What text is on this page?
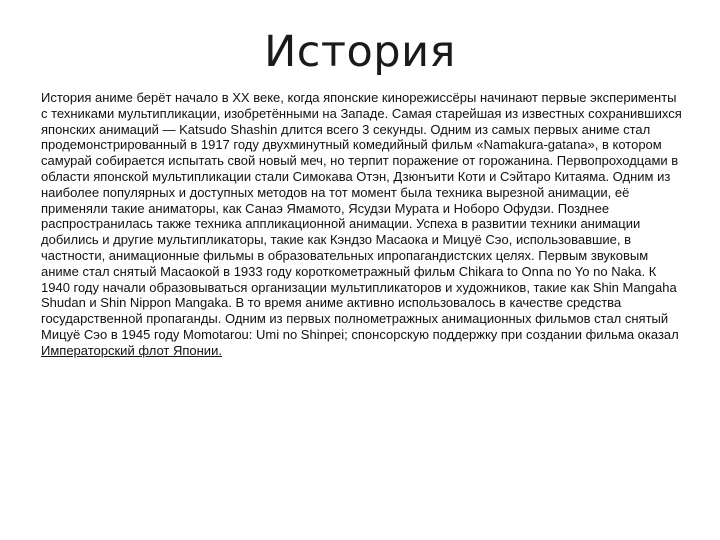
История
История аниме берёт начало в XX веке, когда японские кинорежиссёры начинают первые эксперименты с техниками мультипликации, изобретёнными на Западе. Самая старейшая из известных сохранившихся японских анимаций — Katsudo Shashin длится всего 3 секунды. Одним из самых первых аниме стал продемонстрированный в 1917 году двухминутный комедийный фильм «Namakura-gatana», в котором самурай собирается испытать свой новый меч, но терпит поражение от горожанина. Первопроходцами в области японской мультипликации стали Симокава Отэн, Дзюнъити Коти и Сэйтаро Китаяма. Одним из наиболее популярных и доступных методов на тот момент была техника вырезной анимации, её применяли такие аниматоры, как Санаэ Ямамото, Ясудзи Мурата и Ноборо Офудзи. Позднее распространилась также техника аппликационной анимации. Успеха в развитии техники анимации добились и другие мультипликаторы, такие как Кэндзо Масаока и Мицуё Сэо, использовавшие, в частности, анимационные фильмы в образовательных ипропагандистских целях. Первым звуковым аниме стал снятый Масаокой в 1933 году короткометражный фильм Chikara to Onna no Yo no Naka. К 1940 году начали образовываться организации мультипликаторов и художников, такие как Shin Mangaha Shudan и Shin Nippon Mangaka. В то время аниме активно использовалось в качестве средства государственной пропаганды. Одним из первых полнометражных анимационных фильмов стал снятый Мицуё Сэо в 1945 году Momotarou: Umi no Shinpei; спонсорскую поддержку при создании фильма оказал Императорский флот Японии.
